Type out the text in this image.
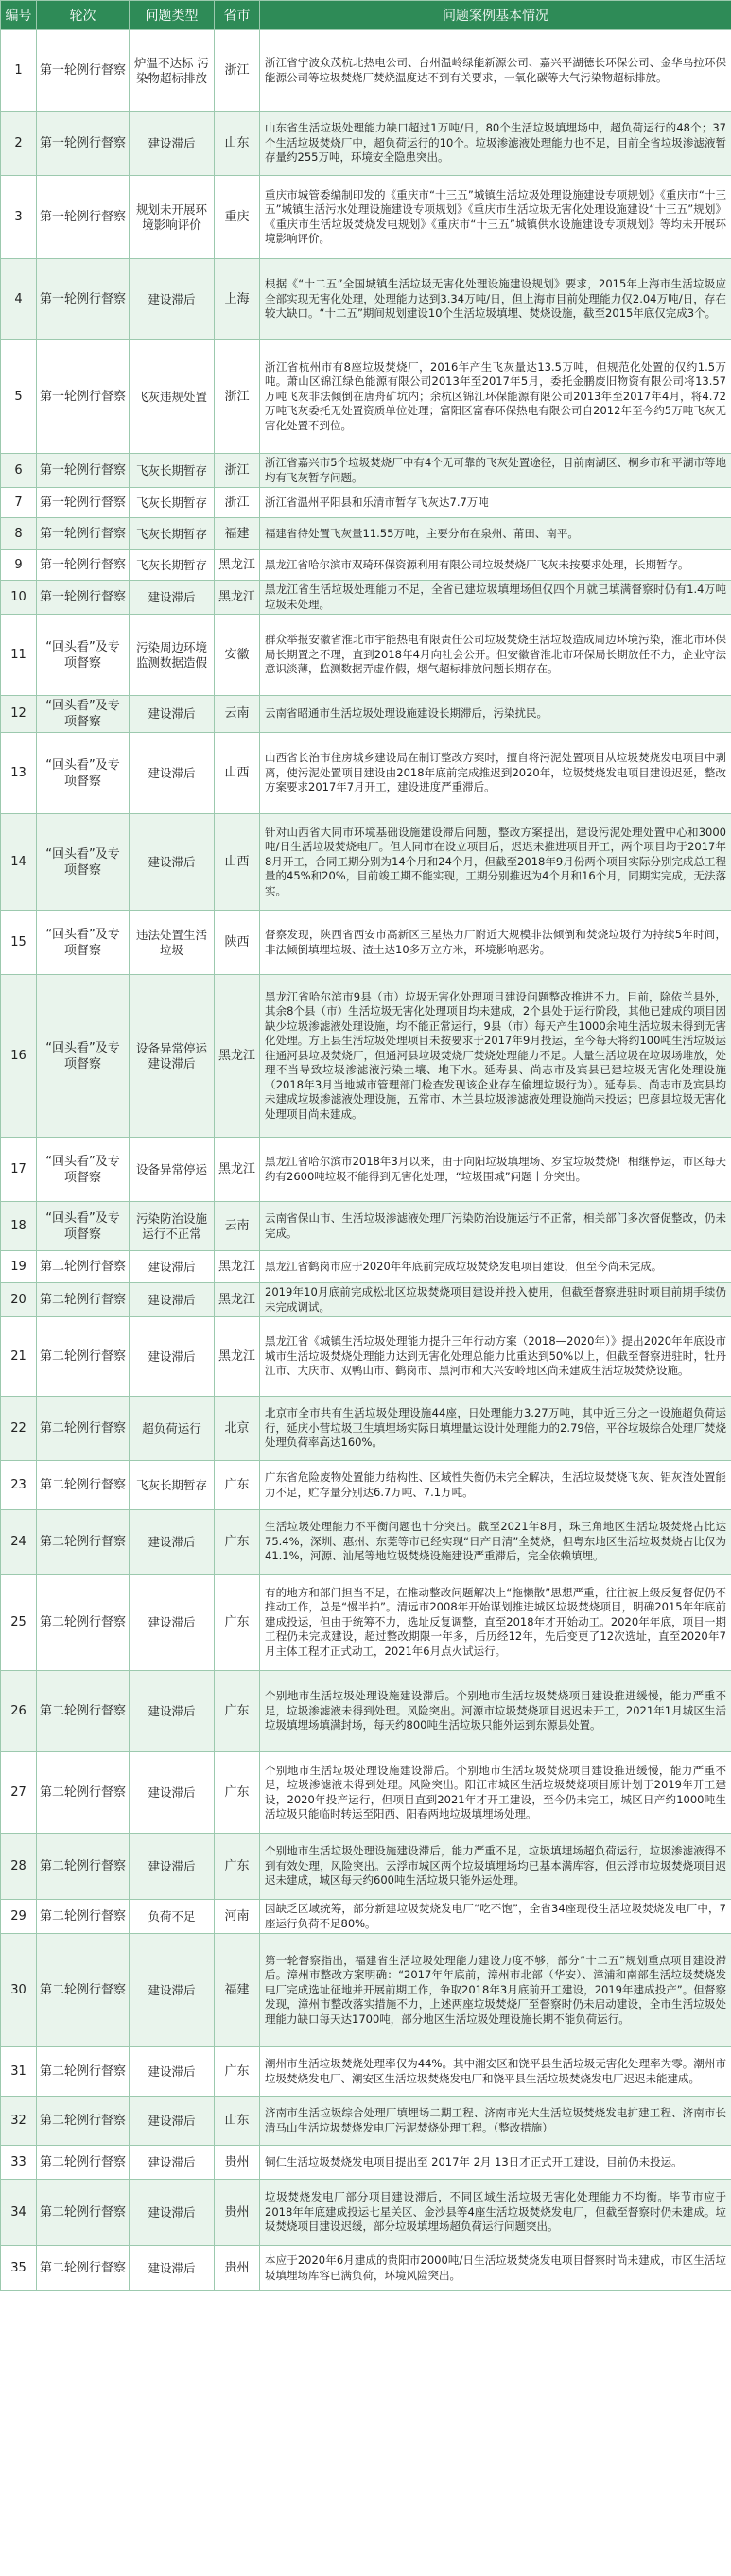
编号	轮次	问题类型	省市	问题案例基本情况
1	第一轮例行督察	炉温不达标 污染物超标排放	浙江	浙江省宁波众茂杭北热电公司、台州温岭绿能新源公司、嘉兴平湖德长环保公司、金华乌拉环保能源公司等垃圾焚烧厂焚烧温度达不到有关要求，一氧化碳等大气污染物超标排放。
2	第一轮例行督察	建设滞后	山东	山东省生活垃圾处理能力缺口超过1万吨/日，80个生活垃圾填埋场中，超负荷运行的48个；37个生活垃圾焚烧厂中，超负荷运行的10个。垃圾渗滤液处理能力也不足，目前全省垃圾渗滤液暂存量约255万吨，环境安全隐患突出。
3	第一轮例行督察	规划未开展环境影响评价	重庆	重庆市城管委编制印发的《重庆市“十三五”城镇生活垃圾处理设施建设专项规划》《重庆市“十三五”城镇生活污水处理设施建设专项规划》《重庆市生活垃圾无害化处理设施建设“十三五”规划》《重庆市生活垃圾焚烧发电规划》《重庆市“十三五”城镇供水设施建设专项规划》等均未开展环境影响评价。
4	第一轮例行督察	建设滞后	上海	根据《“十二五”全国城镇生活垃圾无害化处理设施建设规划》要求，2015年上海市生活垃圾应全部实现无害化处理，处理能力达到3.34万吨/日，但上海市目前处理能力仅2.04万吨/日，存在较大缺口。“十二五”期间规划建设10个生活垃圾填埋、焚烧设施，截至2015年底仅完成3个。
5	第一轮例行督察	飞灰违规处置	浙江	浙江省杭州市有8座垃圾焚烧厂，2016年产生飞灰量达13.5万吨，但规范化处置的仅约1.5万吨。萧山区锦江绿色能源有限公司2013年至2017年5月，委托金鹏废旧物资有限公司将13.57万吨飞灰非法倾倒在唐舟矿坑内；余杭区锦江环保能源有限公司2013年至2017年4月，将4.72万吨飞灰委托无处置资质单位处理；富阳区富春环保热电有限公司自2012年至今约5万吨飞灰无害化处置不到位。
6	第一轮例行督察	飞灰长期暂存	浙江	浙江省嘉兴市5个垃圾焚烧厂中有4个无可靠的飞灰处置途径，目前南湖区、桐乡市和平湖市等地均有飞灰暂存问题。
7	第一轮例行督察	飞灰长期暂存	浙江	浙江省温州平阳县和乐清市暂存飞灰达7.7万吨
8	第一轮例行督察	飞灰长期暂存	福建	福建省待处置飞灰量11.55万吨，主要分布在泉州、莆田、南平。
9	第一轮例行督察	飞灰长期暂存	黑龙江	黑龙江省哈尔滨市双琦环保资源利用有限公司垃圾焚烧厂飞灰未按要求处理，长期暂存。
10	第一轮例行督察	建设滞后	黑龙江	黑龙江省生活垃圾处理能力不足，全省已建垃圾填埋场但仅四个月就已填满督察时仍有1.4万吨垃圾未处理。
11	“回头看”及专项督察	污染周边环境 监测数据造假	安徽	群众举报安徽省淮北市宇能热电有限责任公司垃圾焚烧生活垃圾造成周边环境污染，淮北市环保局长期置之不理，直到2018年4月向社会公开。但安徽省淮北市环保局长期放任不力，企业守法意识淡薄，监测数据弄虚作假，烟气超标排放问题长期存在。
12	“回头看”及专项督察	建设滞后	云南	云南省昭通市生活垃圾处理设施建设长期滞后，污染扰民。
13	“回头看”及专项督察	建设滞后	山西	山西省长治市住房城乡建设局在制订整改方案时，擅自将污泥处置项目从垃圾焚烧发电项目中剥离，使污泥处置项目建设由2018年底前完成推迟到2020年，垃圾焚烧发电项目建设迟延，整改方案要求2017年7月开工，建设进度严重滞后。
14	“回头看”及专项督察	建设滞后	山西	针对山西省大同市环境基础设施建设滞后问题，整改方案提出，建设污泥处理处置中心和3000吨/日生活垃圾焚烧电厂。但大同市在设立项目后，迟迟未推进项目开工，两个项目均于2017年8月开工，合同工期分别为14个月和24个月，但截至2018年9月份两个项目实际分别完成总工程量的45%和20%，目前竣工期不能实现，工期分别推迟为4个月和16个月，同期实完成，无法落实。
15	“回头看”及专项督察	违法处置生活垃圾	陕西	督察发现，陕西省西安市高新区三星热力厂附近大规模非法倾倒和焚烧垃圾行为持续5年时间，非法倾倒填埋垃圾、渣土达10多万立方米，环境影响恶劣。
16	“回头看”及专项督察	设备异常停运 建设滞后	黑龙江	黑龙江省哈尔滨市9县（市）垃圾无害化处理项目建设问题整改推进不力。目前，除依兰县外，其余8个县（市）生活垃圾无害化处理项目均未建成，2个县处于运行阶段，其他已建成的项目因缺少垃圾渗滤液处理设施，均不能正常运行，9县（市）每天产生1000余吨生活垃圾未得到无害化处理。方正县生活垃圾处理项目未按要求于2017年9月投运，至今每天将约100吨生活垃圾运往通河县垃圾焚烧厂，但通河县垃圾焚烧厂焚烧处理能力不足。大量生活垃圾在垃圾场堆放，处理不当导致垃圾渗滤液污染土壤、地下水。延寿县、尚志市及宾县已建垃圾无害化处理设施（2018年3月当地城市管理部门检查发现该企业存在偷埋垃圾行为）。延寿县、尚志市及宾县均未建成垃圾渗滤液处理设施，五常市、木兰县垃圾渗滤液处理设施尚未投运；巴彦县垃圾无害化处理项目尚未建成。
17	“回头看”及专项督察	设备异常停运	黑龙江	黑龙江省哈尔滨市2018年3月以来，由于向阳垃圾填埋场、岁宝垃圾焚烧厂相继停运，市区每天约有2600吨垃圾不能得到无害化处理，“垃圾围城”问题十分突出。
18	“回头看”及专项督察	污染防治设施运行不正常	云南	云南省保山市、生活垃圾渗滤液处理厂污染防治设施运行不正常，相关部门多次督促整改，仍未完成。
19	第二轮例行督察	建设滞后	黑龙江	黑龙江省鹤岗市应于2020年年底前完成垃圾焚烧发电项目建设，但至今尚未完成。
20	第二轮例行督察	建设滞后	黑龙江	2019年10月底前完成松北区垃圾焚烧项目建设并投入使用，但截至督察进驻时项目前期手续仍未完成调试。
21	第二轮例行督察	建设滞后	黑龙江	黑龙江省《城镇生活垃圾处理能力提升三年行动方案（2018—2020年）》提出2020年年底设市城市生活垃圾焚烧处理能力达到无害化处理总能力比重达到50%以上，但截至督察进驻时，牡丹江市、大庆市、双鸭山市、鹤岗市、黑河市和大兴安岭地区尚未建成生活垃圾焚烧设施。
22	第二轮例行督察	超负荷运行	北京	北京市全市共有生活垃圾处理设施44座，日处理能力3.27万吨，其中近三分之一设施超负荷运行，延庆小营垃圾卫生填埋场实际日填埋量达设计处理能力的2.79倍，平谷垃圾综合处理厂焚烧处理负荷率高达160%。
23	第二轮例行督察	飞灰长期暂存	广东	广东省危险废物处置能力结构性、区域性失衡仍未完全解决，生活垃圾焚烧飞灰、铝灰渣处置能力不足，贮存量分别达6.7万吨、7.1万吨。
24	第二轮例行督察	建设滞后	广东	生活垃圾处理能力不平衡问题也十分突出。截至2021年8月，珠三角地区生活垃圾焚烧占比达75.4%，深圳、惠州、东莞等市已经实现“日产日清”全焚烧，但粤东地区生活垃圾焚烧占比仅为41.1%，河源、汕尾等地垃圾焚烧设施建设严重滞后，完全依赖填埋。
25	第二轮例行督察	建设滞后	广东	有的地方和部门担当不足，在推动整改问题解决上“拖懒散”思想严重，往往被上级反复督促仍不推动工作，总是“慢半拍”。清远市2008年开始谋划推进城区垃圾焚烧项目，明确2015年年底前建成投运，但由于统筹不力，选址反复调整，直至2018年才开始动工。2020年年底，项目一期工程仍未完成建设，超过整改期限一年多，后历经12年，先后变更了12次选址，直至2020年7月主体工程才正式动工，2021年6月点火试运行。
26	第二轮例行督察	建设滞后	广东	个别地市生活垃圾处理设施建设滞后。个别地市生活垃圾焚烧项目建设推进缓慢，能力严重不足，垃圾渗滤液未得到处理。风险突出。河源市垃圾焚烧项目迟迟未开工，2021年1月城区生活垃圾填埋场填满封场，每天约800吨生活垃圾只能外运到东源县处置。
27	第二轮例行督察	建设滞后	广东	个别地市生活垃圾处理设施建设滞后。个别地市生活垃圾焚烧项目建设推进缓慢，能力严重不足，垃圾渗滤液未得到处理。风险突出。阳江市城区生活垃圾焚烧项目原计划于2019年开工建设，2020年投产运行，但项目直到2021年才开工建设，至今仍未完工，城区日产约1000吨生活垃圾只能临时转运至阳西、阳春两地垃圾填埋场处理。
28	第二轮例行督察	建设滞后	广东	个别地市生活垃圾处理设施建设滞后，能力严重不足，垃圾填埋场超负荷运行，垃圾渗滤液得不到有效处理，风险突出。云浮市城区两个垃圾填埋场均已基本满库容，但云浮市垃圾焚烧项目迟迟未建成，城区每天约600吨生活垃圾只能外运处理。
29	第二轮例行督察	负荷不足	河南	因缺乏区域统筹，部分新建垃圾焚烧发电厂“吃不饱”，全省34座现役生活垃圾焚烧发电厂中，7座运行负荷不足80%。
30	第二轮例行督察	建设滞后	福建	第一轮督察指出，福建省生活垃圾处理能力建设力度不够，部分“十二五”规划重点项目建设滞后。漳州市整改方案明确：“2017年年底前，漳州市北部（华安）、漳浦和南部生活垃圾焚烧发电厂完成选址征地并开展前期工作，争取2018年3月底前开工建设，2019年建成投产”。但督察发现，漳州市整改落实措施不力，上述两座垃圾焚烧厂至督察时仍未启动建设，全市生活垃圾处理能力缺口每天达1700吨，部分地区生活垃圾处理设施长期不能负荷运行。
31	第二轮例行督察	建设滞后	广东	潮州市生活垃圾焚烧处理率仅为44%。其中湘安区和饶平县生活垃圾无害化处理率为零。潮州市垃圾焚烧发电厂、潮安区生活垃圾焚烧发电厂和饶平县生活垃圾焚烧发电厂迟迟未能建成。
32	第二轮例行督察	建设滞后	山东	济南市生活垃圾综合处理厂填埋场二期工程、济南市光大生活垃圾焚烧发电扩建工程、济南市长清马山生活垃圾焚烧发电厂污泥焚烧处理工程。（整改措施）
33	第二轮例行督察	建设滞后	贵州	铜仁生活垃圾焚烧发电项目提出至 2017年 2月 13日才正式开工建设，目前仍未投运。
34	第二轮例行督察	建设滞后	贵州	垃圾焚烧发电厂部分项目建设滞后，不同区域生活垃圾无害化处理能力不均衡。毕节市应于2018年年底建成投运七星关区、金沙县等4座生活垃圾焚烧发电厂，但截至督察时仍未建成。垃圾焚烧项目建设迟缓，部分垃圾填埋场超负荷运行问题突出。
35	第二轮例行督察	建设滞后	贵州	本应于2020年6月建成的贵阳市2000吨/日生活垃圾焚烧发电项目督察时尚未建成，市区生活垃圾填埋场库容已满负荷，环境风险突出。
